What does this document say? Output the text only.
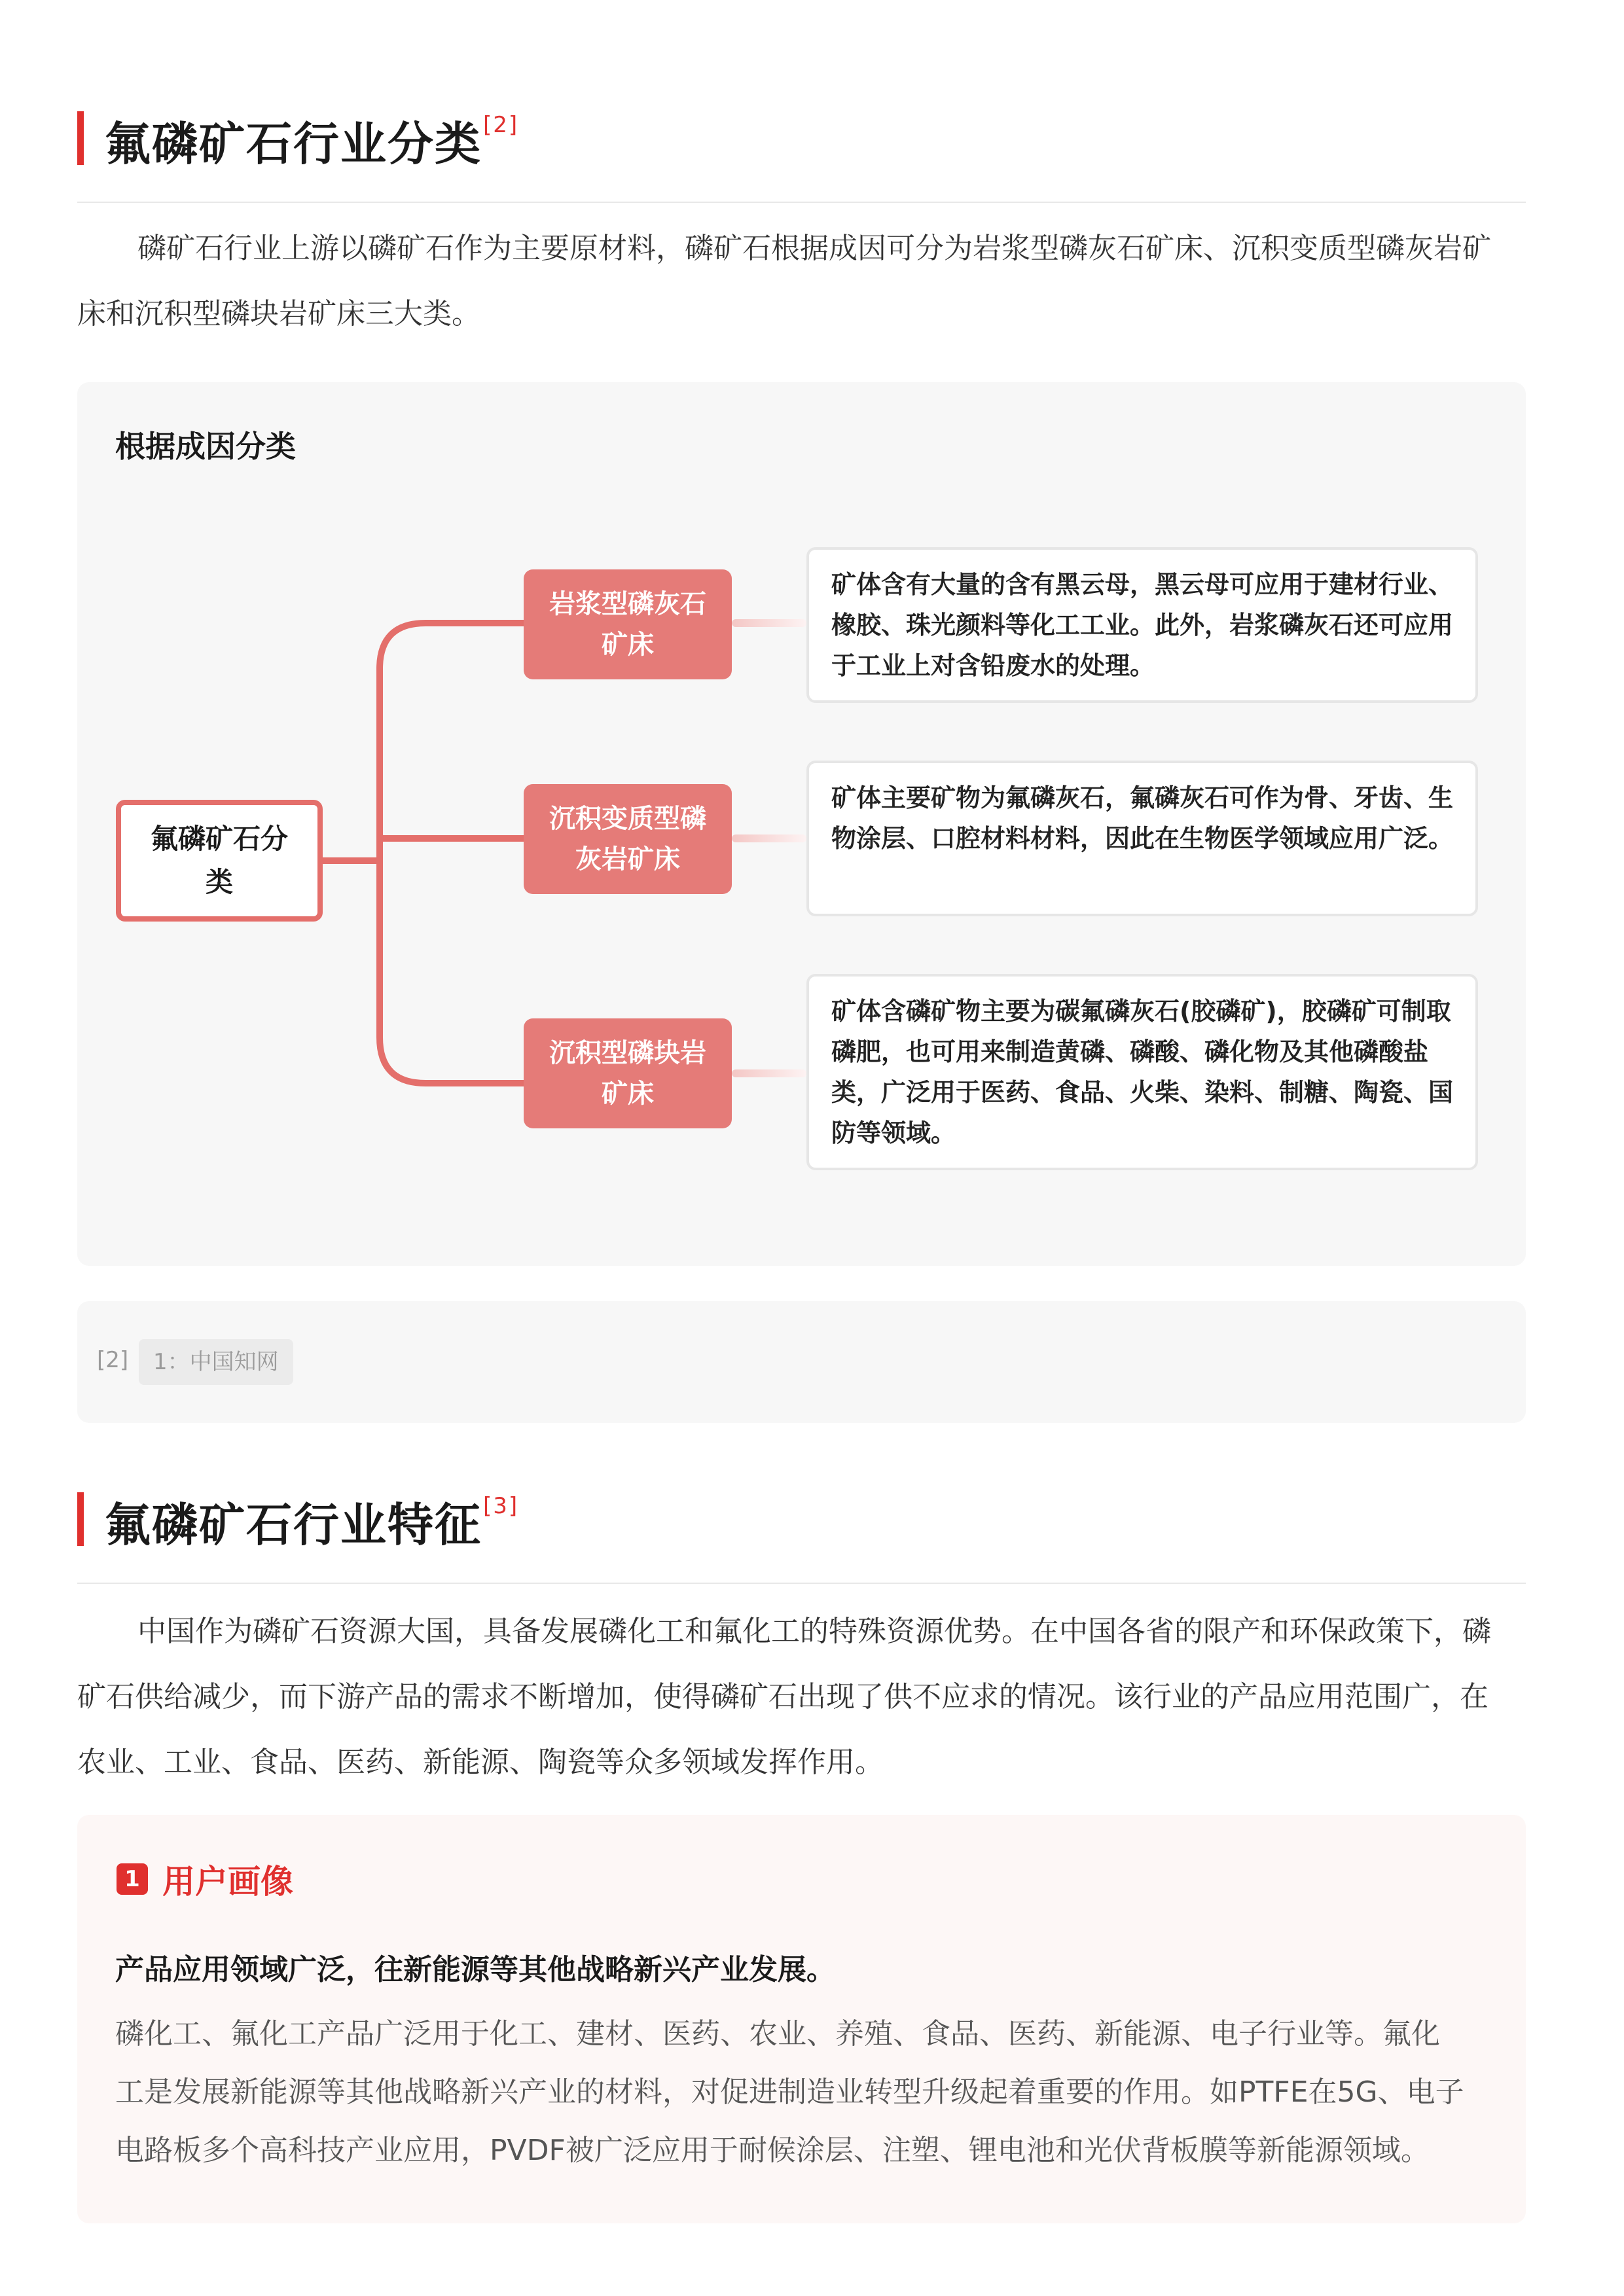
氟磷矿石行业分类[2]
磷矿石行业上游以磷矿石作为主要原材料，磷矿石根据成因可分为岩浆型磷灰石矿床、沉积变质型磷灰岩矿
床和沉积型磷块岩矿床三大类。
根据成因分类
氟磷矿石分类
岩浆型磷灰石矿床
矿体含有大量的含有黑云母，黑云母可应用于建材行业、橡胶、珠光颜料等化工工业。此外，岩浆磷灰石还可应用于工业上对含铅废水的处理。
沉积变质型磷灰岩矿床
矿体主要矿物为氟磷灰石，氟磷灰石可作为骨、牙齿、生物涂层、口腔材料材料，因此在生物医学领域应用广泛。
沉积型磷块岩矿床
矿体含磷矿物主要为碳氟磷灰石(胶磷矿)，胶磷矿可制取磷肥，也可用来制造黄磷、磷酸、磷化物及其他磷酸盐类，广泛用于医药、食品、火柴、染料、制糖、陶瓷、国防等领域。
[2]	1：中国知网
氟磷矿石行业特征[3]
中国作为磷矿石资源大国，具备发展磷化工和氟化工的特殊资源优势。在中国各省的限产和环保政策下，磷
矿石供给减少，而下游产品的需求不断增加，使得磷矿石出现了供不应求的情况。该行业的产品应用范围广，在
农业、工业、食品、医药、新能源、陶瓷等众多领域发挥作用。
1 用户画像
产品应用领域广泛，往新能源等其他战略新兴产业发展。
磷化工、氟化工产品广泛用于化工、建材、医药、农业、养殖、食品、医药、新能源、电子行业等。氟化
工是发展新能源等其他战略新兴产业的材料，对促进制造业转型升级起着重要的作用。如PTFE在5G、电子
电路板多个高科技产业应用，PVDF被广泛应用于耐候涂层、注塑、锂电池和光伏背板膜等新能源领域。
